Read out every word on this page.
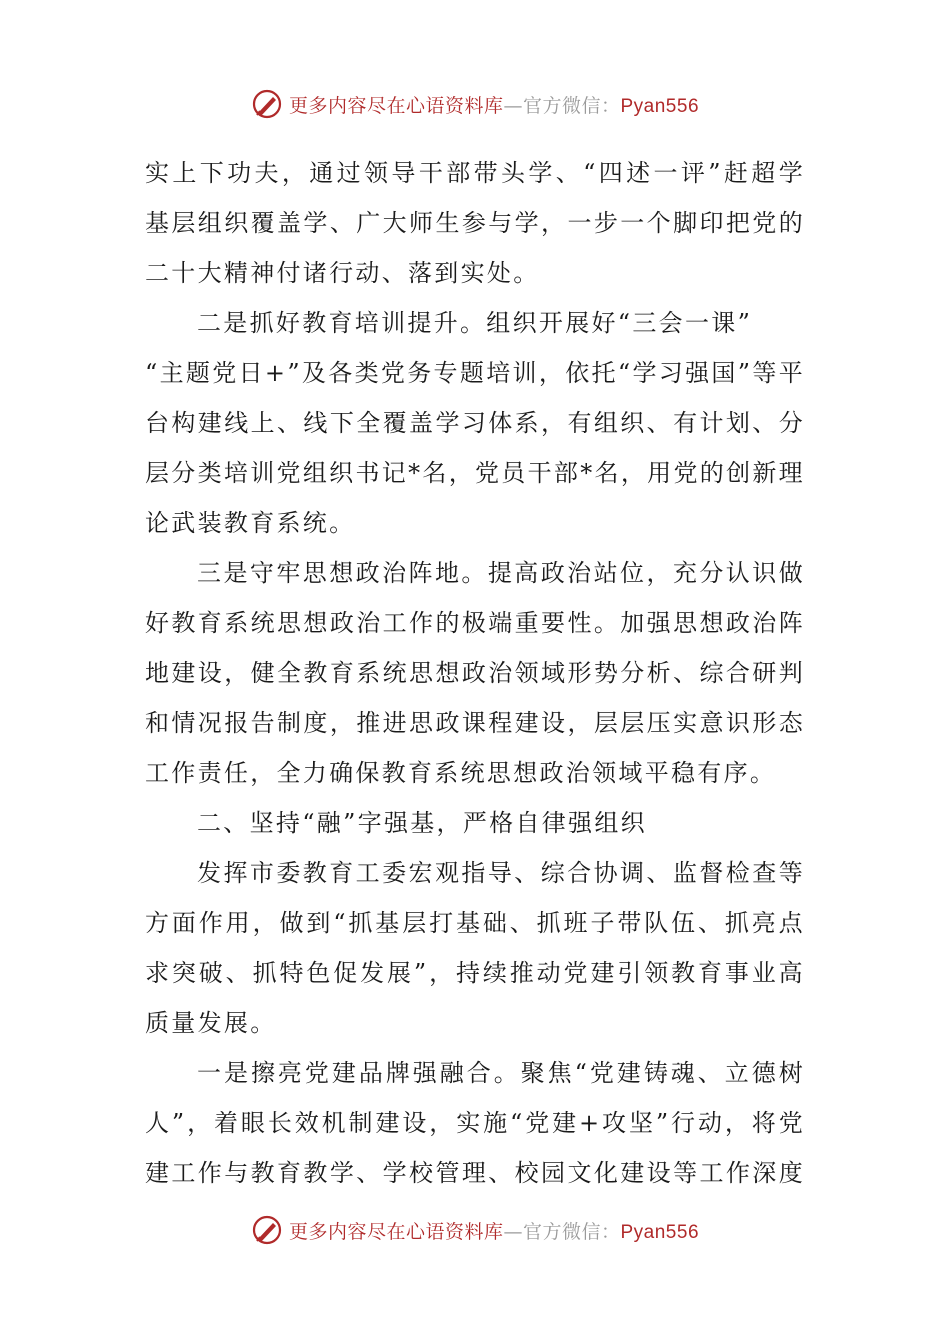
更多内容尽在心语资料库—官方微信：Pyan556
实上下功夫，通过领导干部带头学、“四述一评”赶超学
基层组织覆盖学、广大师生参与学，一步一个脚印把党的
二十大精神付诸行动、落到实处。
二是抓好教育培训提升。组织开展好“三会一课”
“主题党日+”及各类党务专题培训，依托“学习强国”等平
台构建线上、线下全覆盖学习体系，有组织、有计划、分
层分类培训党组织书记*名，党员干部*名，用党的创新理
论武装教育系统。
三是守牢思想政治阵地。提高政治站位，充分认识做
好教育系统思想政治工作的极端重要性。加强思想政治阵
地建设，健全教育系统思想政治领域形势分析、综合研判
和情况报告制度，推进思政课程建设，层层压实意识形态
工作责任，全力确保教育系统思想政治领域平稳有序。
二、坚持“融”字强基，严格自律强组织
发挥市委教育工委宏观指导、综合协调、监督检查等
方面作用，做到“抓基层打基础、抓班子带队伍、抓亮点
求突破、抓特色促发展”，持续推动党建引领教育事业高
质量发展。
一是擦亮党建品牌强融合。聚焦“党建铸魂、立德树
人”，着眼长效机制建设，实施“党建+攻坚”行动，将党
建工作与教育教学、学校管理、校园文化建设等工作深度
更多内容尽在心语资料库—官方微信：Pyan556
